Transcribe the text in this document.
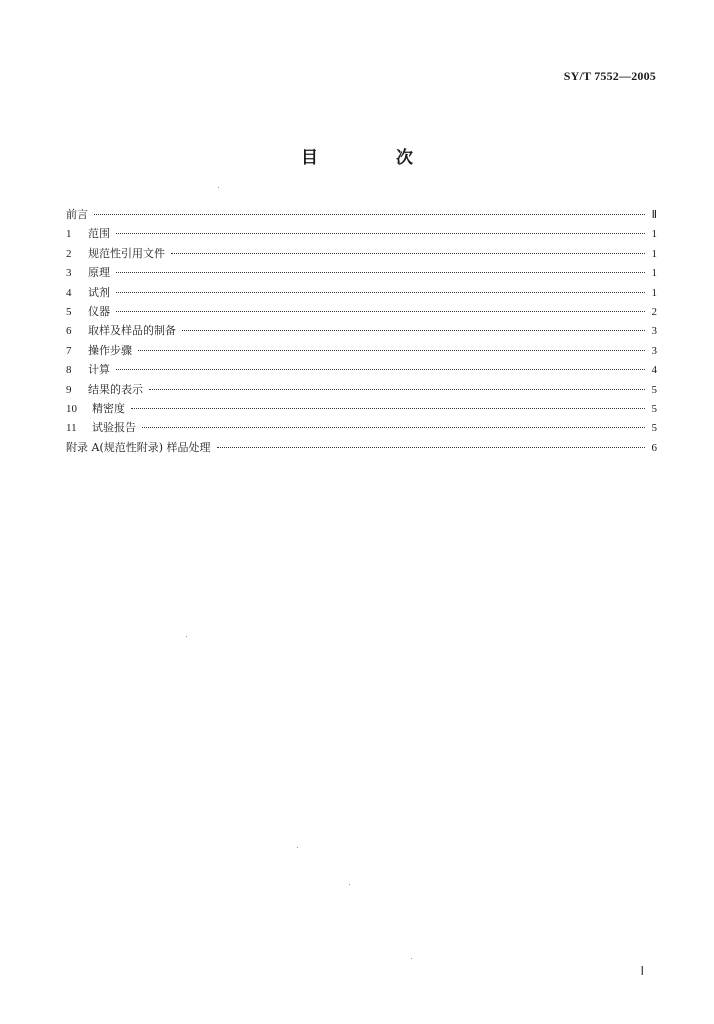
SY/T 7552—2005
目 次
前言	Ⅱ
1	范围	1
2	规范性引用文件	1
3	原理	1
4	试剂	1
5	仪器	2
6	取样及样品的制备	3
7	操作步骤	3
8	计算	4
9	结果的表示	5
10	精密度	5
11	试验报告	5
附录 A(规范性附录) 样品处理	6
Ⅰ
